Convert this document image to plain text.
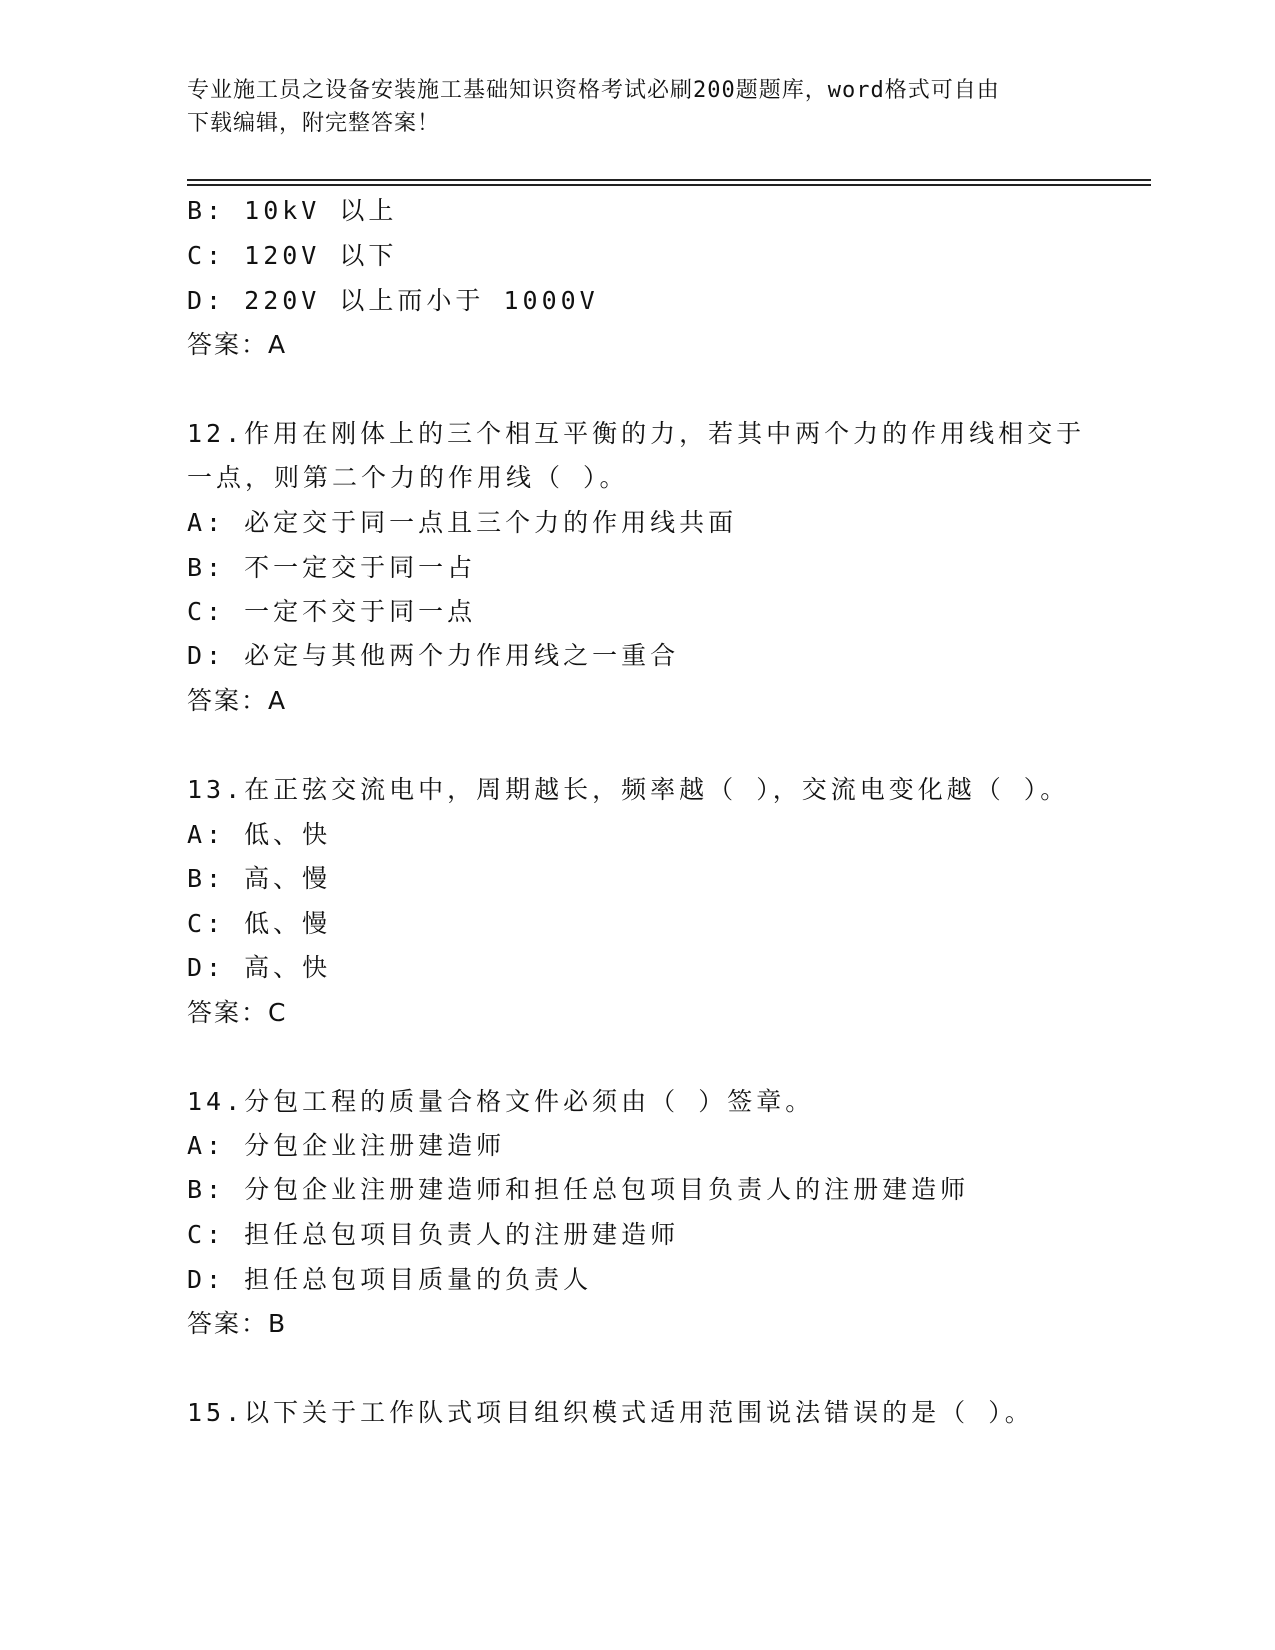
专业施工员之设备安装施工基础知识资格考试必刷200题题库，word格式可自由
下载编辑，附完整答案！
B: 10kV 以上
C: 120V 以下
D: 220V 以上而小于 1000V
答案：A
12.作用在刚体上的三个相互平衡的力，若其中两个力的作用线相交于
一点，则第二个力的作用线（ ）。
A: 必定交于同一点且三个力的作用线共面
B: 不一定交于同一占
C: 一定不交于同一点
D: 必定与其他两个力作用线之一重合
答案：A
13.在正弦交流电中，周期越长，频率越（ ），交流电变化越（ ）。
A: 低、快
B: 高、慢
C: 低、慢
D: 高、快
答案：C
14.分包工程的质量合格文件必须由（ ）签章。
A: 分包企业注册建造师
B: 分包企业注册建造师和担任总包项目负责人的注册建造师
C: 担任总包项目负责人的注册建造师
D: 担任总包项目质量的负责人
答案：B
15.以下关于工作队式项目组织模式适用范围说法错误的是（ ）。
